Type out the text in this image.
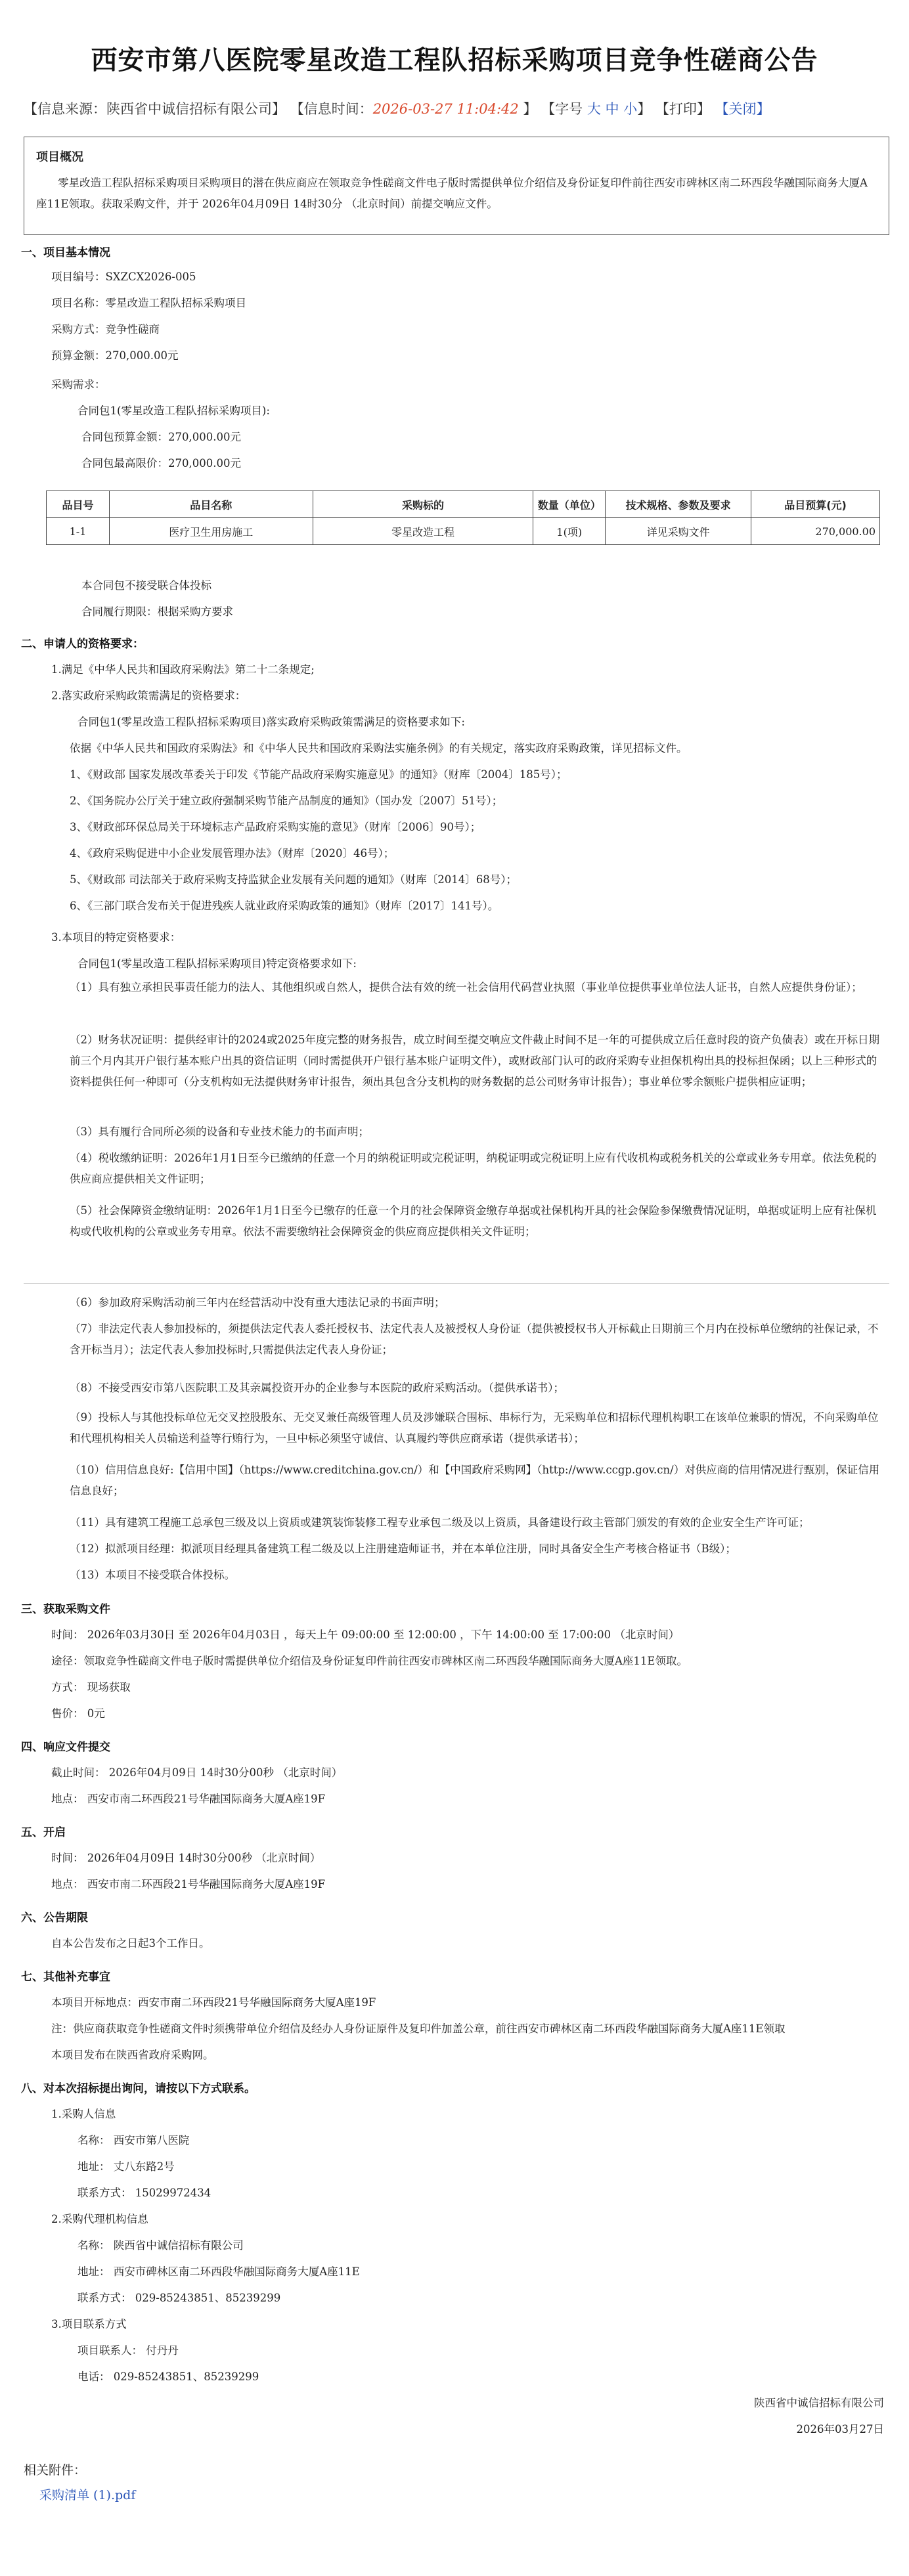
西安市第八医院零星改造工程队招标采购项目竞争性磋商公告
【信息来源：陕西省中诚信招标有限公司】 【信息时间：2026-03-27 11:04:42 】 【字号 大 中 小】 【打印】 【关闭】
项目概况
零星改造工程队招标采购项目采购项目的潜在供应商应在领取竞争性磋商文件电子版时需提供单位介绍信及身份证复印件前往西安市碑林区南二环西段华融国际商务大厦A座11E领取。获取采购文件，并于 2026年04月09日 14时30分 （北京时间）前提交响应文件。
一、项目基本情况
项目编号：SXZCX2026-005
项目名称：零星改造工程队招标采购项目
采购方式：竞争性磋商
预算金额：270,000.00元
采购需求：
合同包1(零星改造工程队招标采购项目):
合同包预算金额：270,000.00元
合同包最高限价：270,000.00元
品目号	品目名称	采购标的	数量（单位）	技术规格、参数及要求	品目预算(元)
1-1	医疗卫生用房施工	零星改造工程	1(项)	详见采购文件	270,000.00
本合同包不接受联合体投标
合同履行期限：根据采购方要求
二、申请人的资格要求：
1.满足《中华人民共和国政府采购法》第二十二条规定;
2.落实政府采购政策需满足的资格要求：
合同包1(零星改造工程队招标采购项目)落实政府采购政策需满足的资格要求如下:
依据《中华人民共和国政府采购法》和《中华人民共和国政府采购法实施条例》的有关规定，落实政府采购政策，详见招标文件。
1、《财政部 国家发展改革委关于印发《节能产品政府采购实施意见》的通知》（财库〔2004〕185号）；
2、《国务院办公厅关于建立政府强制采购节能产品制度的通知》（国办发〔2007〕51号）；
3、《财政部环保总局关于环境标志产品政府采购实施的意见》（财库〔2006〕90号）；
4、《政府采购促进中小企业发展管理办法》（财库〔2020〕46号）；
5、《财政部 司法部关于政府采购支持监狱企业发展有关问题的通知》（财库〔2014〕68号）；
6、《三部门联合发布关于促进残疾人就业政府采购政策的通知》（财库〔2017〕141号）。
3.本项目的特定资格要求：
合同包1(零星改造工程队招标采购项目)特定资格要求如下:
（1）具有独立承担民事责任能力的法人、其他组织或自然人，提供合法有效的统一社会信用代码营业执照（事业单位提供事业单位法人证书，自然人应提供身份证）；
（2）财务状况证明：提供经审计的2024或2025年度完整的财务报告，成立时间至提交响应文件截止时间不足一年的可提供成立后任意时段的资产负债表）或在开标日期前三个月内其开户银行基本账户出具的资信证明（同时需提供开户银行基本账户证明文件），或财政部门认可的政府采购专业担保机构出具的投标担保函；以上三种形式的资料提供任何一种即可（分支机构如无法提供财务审计报告，须出具包含分支机构的财务数据的总公司财务审计报告）；事业单位零余额账户提供相应证明；
（3）具有履行合同所必须的设备和专业技术能力的书面声明；
（4）税收缴纳证明：2026年1月1日至今已缴纳的任意一个月的纳税证明或完税证明，纳税证明或完税证明上应有代收机构或税务机关的公章或业务专用章。依法免税的供应商应提供相关文件证明；
（5）社会保障资金缴纳证明：2026年1月1日至今已缴存的任意一个月的社会保障资金缴存单据或社保机构开具的社会保险参保缴费情况证明，单据或证明上应有社保机构或代收机构的公章或业务专用章。依法不需要缴纳社会保障资金的供应商应提供相关文件证明；
（6）参加政府采购活动前三年内在经营活动中没有重大违法记录的书面声明；
（7）非法定代表人参加投标的，须提供法定代表人委托授权书、法定代表人及被授权人身份证（提供被授权书人开标截止日期前三个月内在投标单位缴纳的社保记录，不含开标当月）；法定代表人参加投标时,只需提供法定代表人身份证；
（8）不接受西安市第八医院职工及其亲属投资开办的企业参与本医院的政府采购活动。（提供承诺书）；
（9）投标人与其他投标单位无交叉控股股东、无交叉兼任高级管理人员及涉嫌联合围标、串标行为，无采购单位和招标代理机构职工在该单位兼职的情况，不向采购单位和代理机构相关人员输送利益等行贿行为，一旦中标必须坚守诚信、认真履约等供应商承诺（提供承诺书）；
（10）信用信息良好:【信用中国】（https://www.creditchina.gov.cn/）和【中国政府采购网】（http://www.ccgp.gov.cn/）对供应商的信用情况进行甄别，保证信用信息良好；
（11）具有建筑工程施工总承包三级及以上资质或建筑装饰装修工程专业承包二级及以上资质，具备建设行政主管部门颁发的有效的企业安全生产许可证；
（12）拟派项目经理：拟派项目经理具备建筑工程二级及以上注册建造师证书，并在本单位注册，同时具备安全生产考核合格证书（B级）；
（13）本项目不接受联合体投标。
三、获取采购文件
时间： 2026年03月30日 至 2026年04月03日 ，每天上午 09:00:00 至 12:00:00 ，下午 14:00:00 至 17:00:00 （北京时间）
途径：领取竞争性磋商文件电子版时需提供单位介绍信及身份证复印件前往西安市碑林区南二环西段华融国际商务大厦A座11E领取。
方式： 现场获取
售价： 0元
四、响应文件提交
截止时间： 2026年04月09日 14时30分00秒 （北京时间）
地点： 西安市南二环西段21号华融国际商务大厦A座19F
五、开启
时间： 2026年04月09日 14时30分00秒 （北京时间）
地点： 西安市南二环西段21号华融国际商务大厦A座19F
六、公告期限
自本公告发布之日起3个工作日。
七、其他补充事宜
本项目开标地点：西安市南二环西段21号华融国际商务大厦A座19F
注：供应商获取竞争性磋商文件时须携带单位介绍信及经办人身份证原件及复印件加盖公章，前往西安市碑林区南二环西段华融国际商务大厦A座11E领取
本项目发布在陕西省政府采购网。
八、对本次招标提出询问，请按以下方式联系。
1.采购人信息
名称： 西安市第八医院
地址： 丈八东路2号
联系方式： 15029972434
2.采购代理机构信息
名称： 陕西省中诚信招标有限公司
地址： 西安市碑林区南二环西段华融国际商务大厦A座11E
联系方式： 029-85243851、85239299
3.项目联系方式
项目联系人： 付丹丹
电话： 029-85243851、85239299
陕西省中诚信招标有限公司
2026年03月27日
相关附件：
采购清单 (1).pdf
